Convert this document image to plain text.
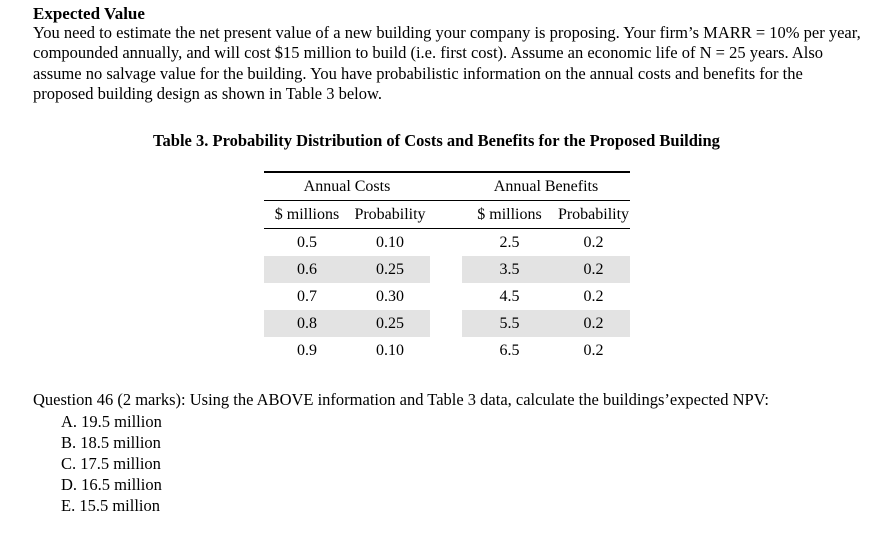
Expected Value
You need to estimate the net present value of a new building your company is proposing. Your firm’s MARR = 10% per year, compounded annually, and will cost $15 million to build (i.e. first cost). Assume an economic life of N = 25 years. Also assume no salvage value for the building. You have probabilistic information on the annual costs and benefits for the proposed building design as shown in Table 3 below.
Table 3. Probability Distribution of Costs and Benefits for the Proposed Building
Annual Costs			Annual Benefits	
$ millions	Probability		$ millions	Probability
0.5	0.10		2.5	0.2
0.6	0.25		3.5	0.2
0.7	0.30		4.5	0.2
0.8	0.25		5.5	0.2
0.9	0.10		6.5	0.2
Question 46 (2 marks): Using the ABOVE information and Table 3 data, calculate the buildings’expected NPV:
A. 19.5 million
B. 18.5 million
C. 17.5 million
D. 16.5 million
E. 15.5 million
